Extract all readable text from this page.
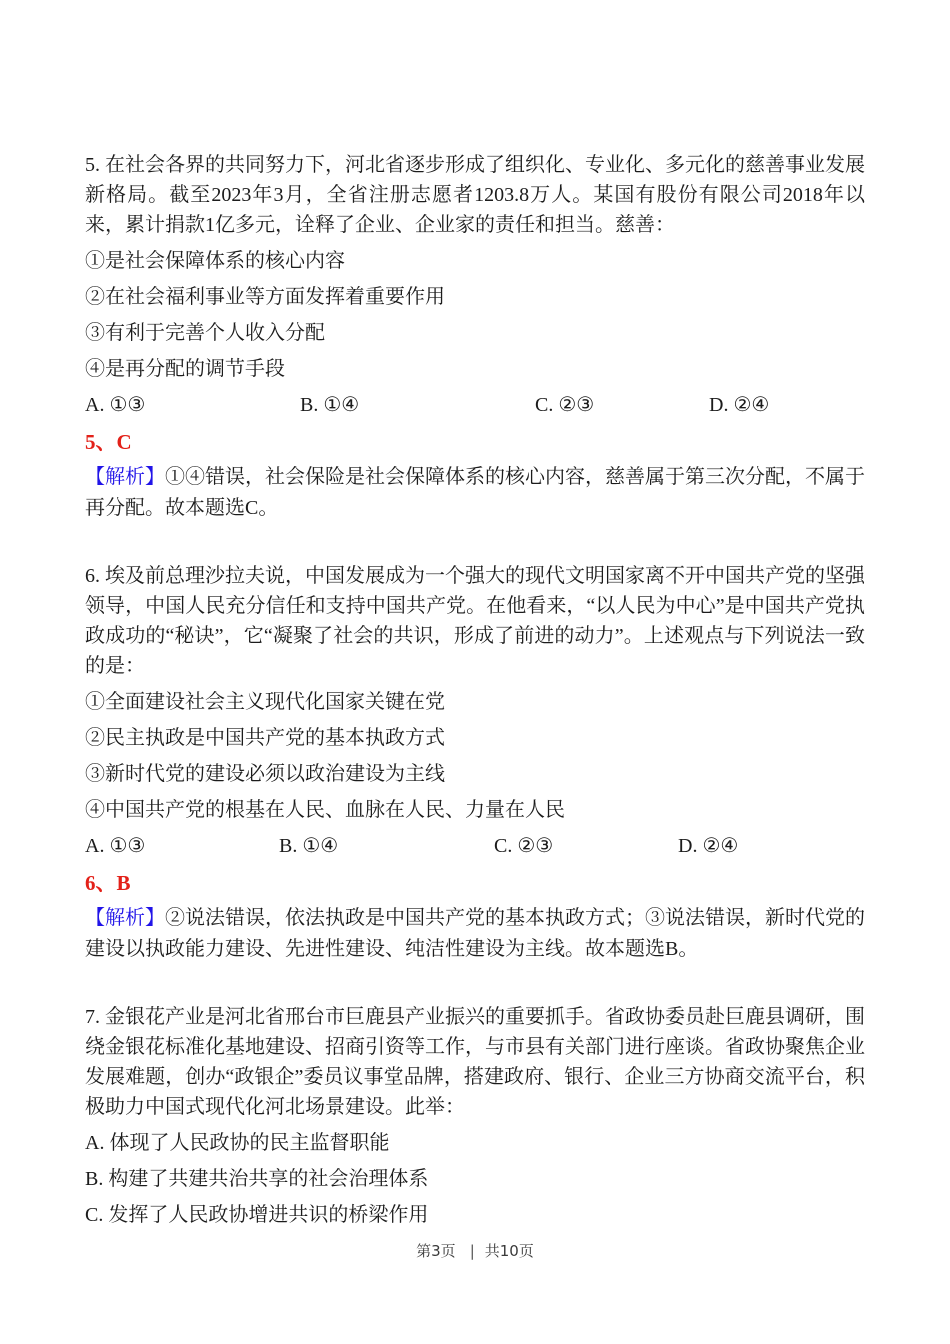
5. 在社会各界的共同努力下，河北省逐步形成了组织化、专业化、多元化的慈善事业发展新格局。截至2023年3月，全省注册志愿者1203.8万人。某国有股份有限公司2018年以来，累计捐款1亿多元，诠释了企业、企业家的责任和担当。慈善：

①是社会保障体系的核心内容

②在社会福利事业等方面发挥着重要作用

③有利于完善个人收入分配

④是再分配的调节手段

A. ①③	B. ①④	C. ②③	D. ②④

5、C

【解析】①④错误，社会保险是社会保障体系的核心内容，慈善属于第三次分配，不属于再分配。故本题选C。

6. 埃及前总理沙拉夫说，中国发展成为一个强大的现代文明国家离不开中国共产党的坚强领导，中国人民充分信任和支持中国共产党。在他看来，“以人民为中心”是中国共产党执政成功的“秘诀”，它“凝聚了社会的共识，形成了前进的动力”。上述观点与下列说法一致的是：

①全面建设社会主义现代化国家关键在党

②民主执政是中国共产党的基本执政方式

③新时代党的建设必须以政治建设为主线

④中国共产党的根基在人民、血脉在人民、力量在人民

A. ①③	B. ①④	C. ②③	D. ②④

6、B

【解析】②说法错误，依法执政是中国共产党的基本执政方式；③说法错误，新时代党的建设以执政能力建设、先进性建设、纯洁性建设为主线。故本题选B。

7. 金银花产业是河北省邢台市巨鹿县产业振兴的重要抓手。省政协委员赴巨鹿县调研，围绕金银花标准化基地建设、招商引资等工作，与市县有关部门进行座谈。省政协聚焦企业发展难题，创办“政银企”委员议事堂品牌，搭建政府、银行、企业三方协商交流平台，积极助力中国式现代化河北场景建设。此举：

A. 体现了人民政协的民主监督职能

B. 构建了共建共治共享的社会治理体系

C. 发挥了人民政协增进共识的桥梁作用

第3页 | 共10页
